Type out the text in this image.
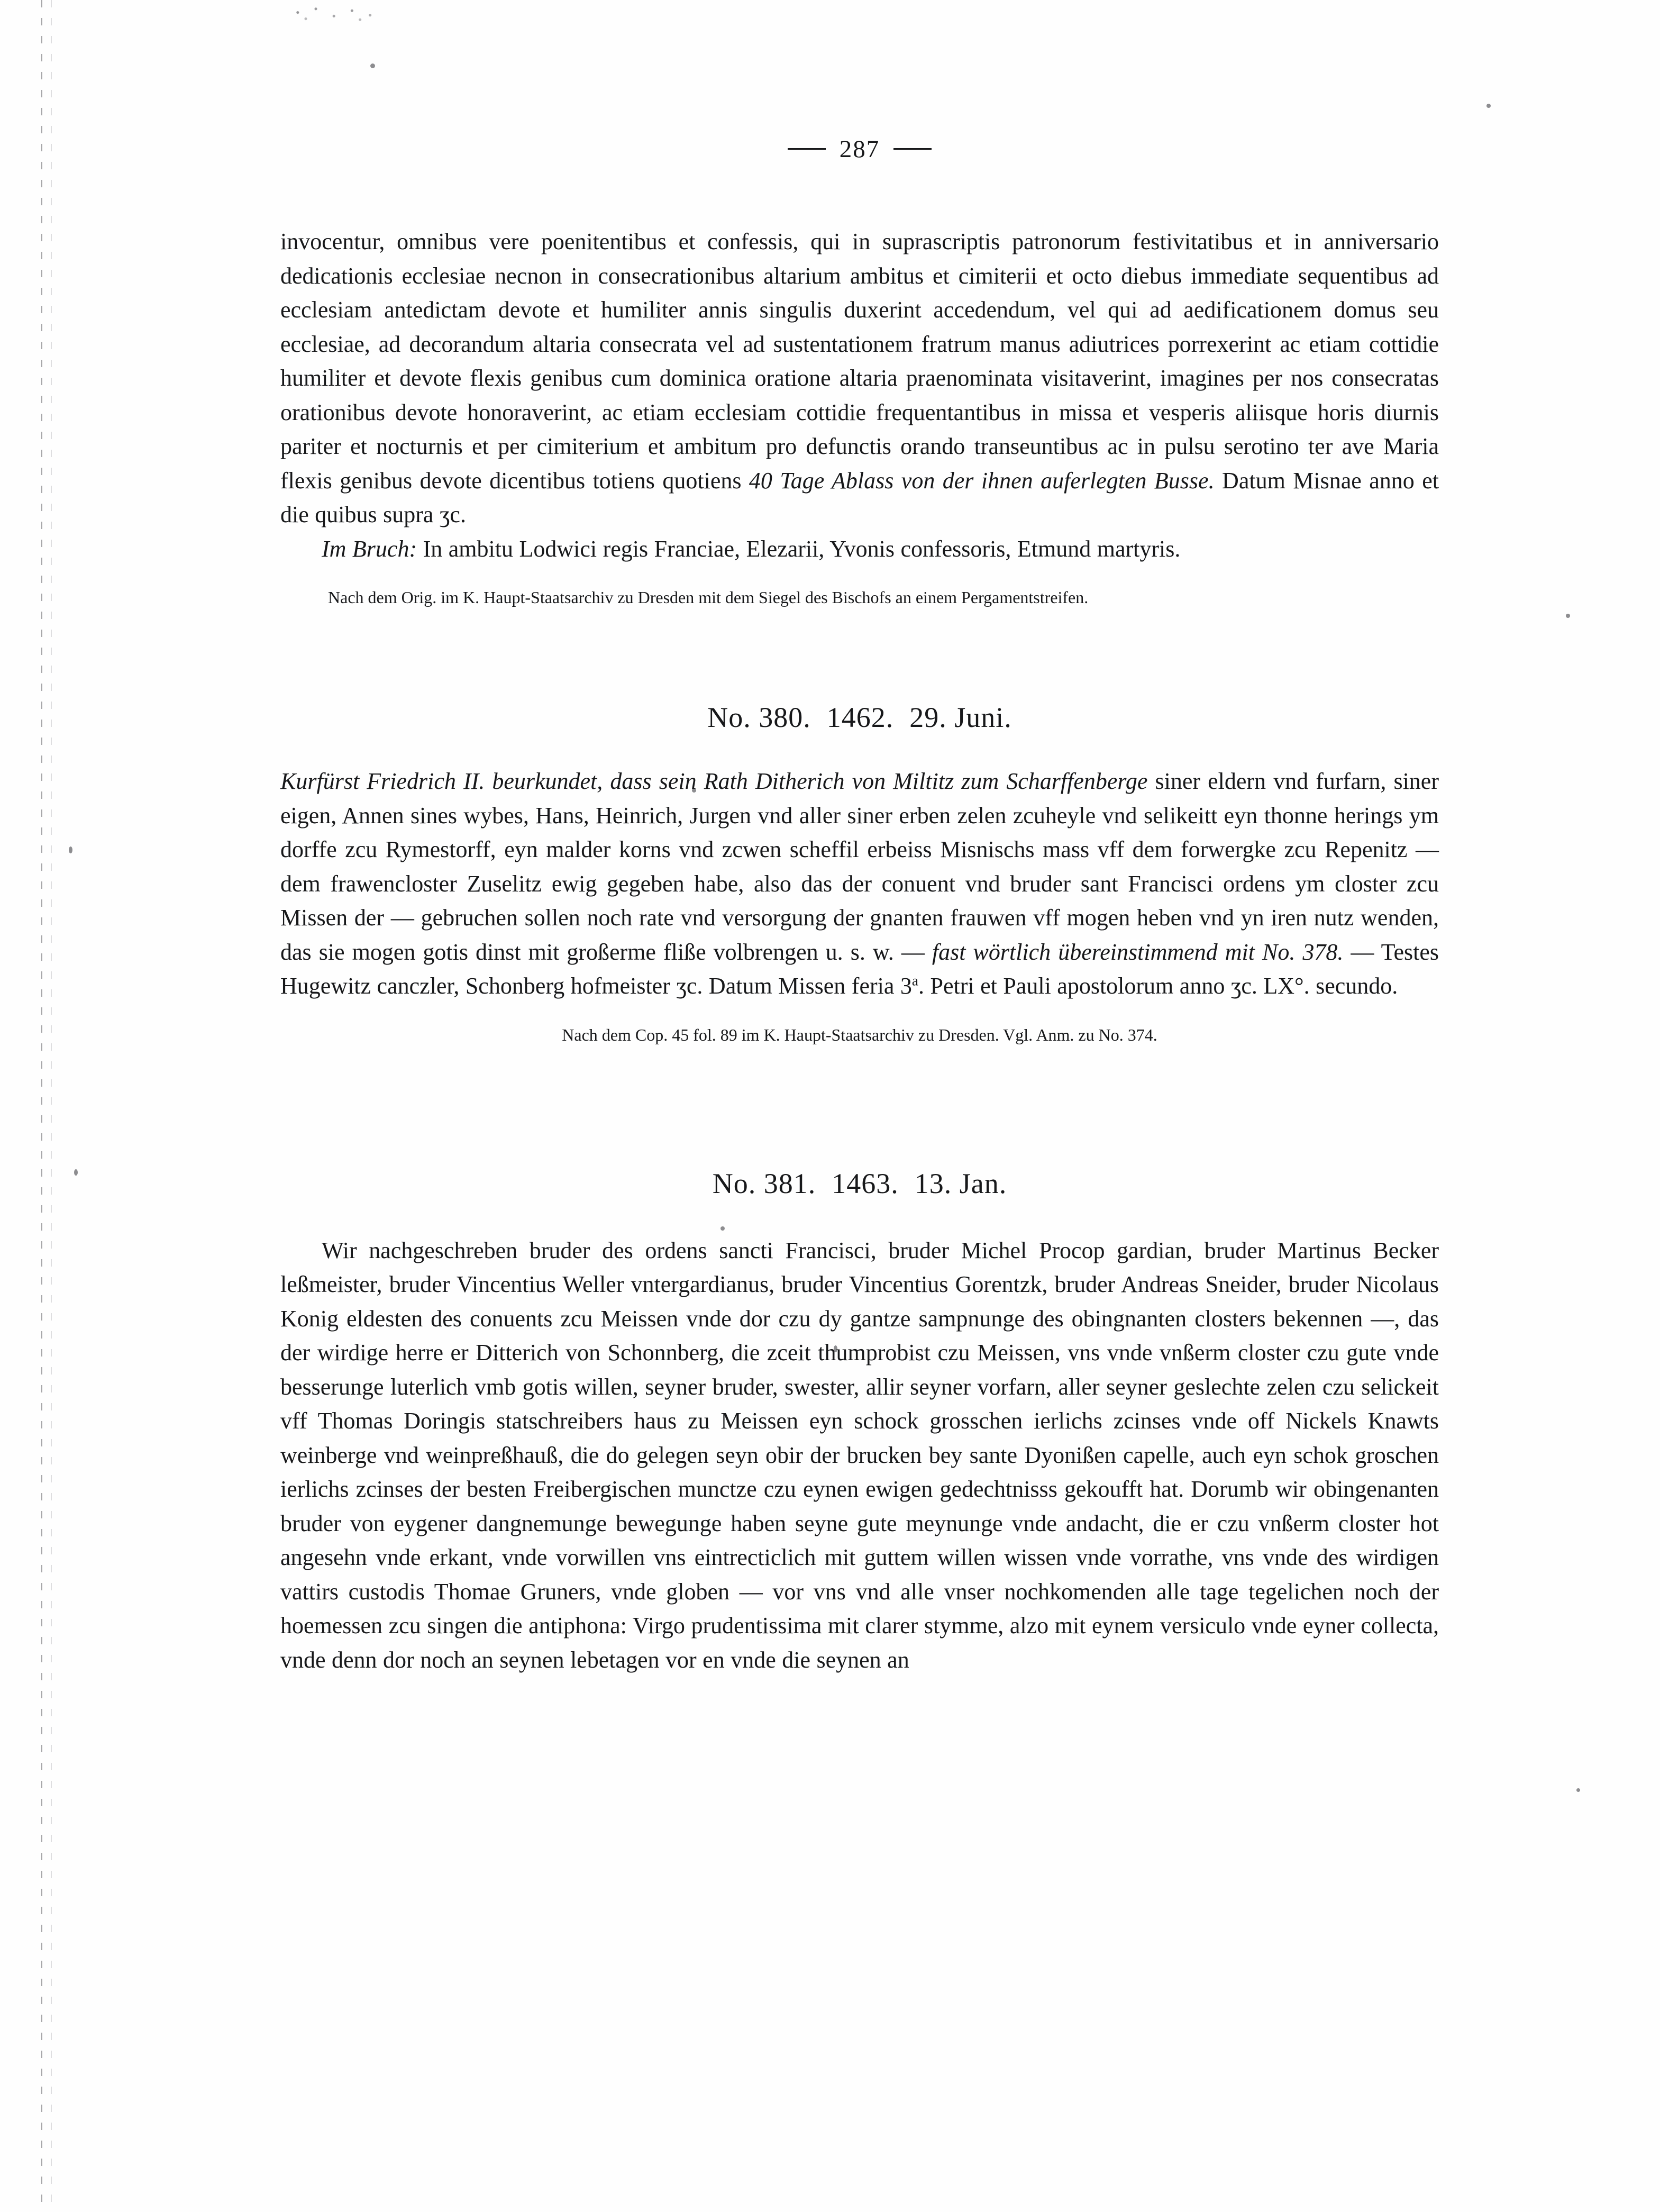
287

invocentur, omnibus vere poenitentibus et confessis, qui in suprascriptis patronorum festivitatibus et in anniversario dedicationis ecclesiae necnon in consecrationibus altarium ambitus et cimiterii et octo diebus immediate sequentibus ad ecclesiam antedictam devote et humiliter annis singulis duxerint accedendum, vel qui ad aedificationem domus seu ecclesiae, ad decorandum altaria consecrata vel ad sustentationem fratrum manus adiutrices porrexerint ac etiam cottidie humiliter et devote flexis genibus cum dominica oratione altaria praenominata visitaverint, imagines per nos consecratas orationibus devote honoraverint, ac etiam ecclesiam cottidie frequentantibus in missa et vesperis aliisque horis diurnis pariter et nocturnis et per cimiterium et ambitum pro defunctis orando transeuntibus ac in pulsu serotino ter ave Maria flexis genibus devote dicentibus totiens quotiens 40 Tage Ablass von der ihnen auferlegten Busse. Datum Misnae anno et die quibus supra ʒc.

Im Bruch: In ambitu Lodwici regis Franciae, Elezarii, Yvonis confessoris, Etmund martyris.

Nach dem Orig. im K. Haupt-Staatsarchiv zu Dresden mit dem Siegel des Bischofs an einem Pergamentstreifen.

No. 380. 1462. 29. Juni.

Kurfürst Friedrich II. beurkundet, dass sein Rath Ditherich von Miltitz zum Scharffenberge siner eldern vnd furfarn, siner eigen, Annen sines wybes, Hans, Heinrich, Jurgen vnd aller siner erben zelen zcuheyle vnd selikeitt eyn thonne herings ym dorffe zcu Rymestorff, eyn malder korns vnd zcwen scheffil erbeiss Misnischs mass vff dem forwergke zcu Repenitz — dem frawencloster Zuselitz ewig gegeben habe, also das der conuent vnd bruder sant Francisci ordens ym closter zcu Missen der — gebruchen sollen noch rate vnd versorgung der gnanten frauwen vff mogen heben vnd yn iren nutz wenden, das sie mogen gotis dinst mit großerme fliße volbrengen u. s. w. — fast wörtlich übereinstimmend mit No. 378. — Testes Hugewitz canczler, Schonberg hofmeister ʒc. Datum Missen feria 3$^a$. Petri et Pauli apostolorum anno ʒc. LX°. secundo.

Nach dem Cop. 45 fol. 89 im K. Haupt-Staatsarchiv zu Dresden. Vgl. Anm. zu No. 374.

No. 381. 1463. 13. Jan.

Wir nachgeschreben bruder des ordens sancti Francisci, bruder Michel Procop gardian, bruder Martinus Becker leßmeister, bruder Vincentius Weller vntergardianus, bruder Vincentius Gorentzk, bruder Andreas Sneider, bruder Nicolaus Konig eldesten des conuents zcu Meissen vnde dor czu dy gantze sampnunge des obingnanten closters bekennen —, das der wirdige herre er Ditterich von Schonnberg, die zceit thumprobist czu Meissen, vns vnde vnßerm closter czu gute vnde besserunge luterlich vmb gotis willen, seyner bruder, swester, allir seyner vorfarn, aller seyner geslechte zelen czu selickeit vff Thomas Doringis statschreibers haus zu Meissen eyn schock grosschen ierlichs zcinses vnde off Nickels Knawts weinberge vnd weinpreßhauß, die do gelegen seyn obir der brucken bey sante Dyonißen capelle, auch eyn schok groschen ierlichs zcinses der besten Freibergischen munctze czu eynen ewigen gedechtnisss gekoufft hat. Dorumb wir obingenanten bruder von eygener dangnemunge bewegunge haben seyne gute meynunge vnde andacht, die er czu vnßerm closter hot angesehn vnde erkant, vnde vorwillen vns eintrecticlich mit guttem willen wissen vnde vorrathe, vns vnde des wirdigen vattirs custodis Thomae Gruners, vnde globen — vor vns vnd alle vnser nochkomenden alle tage tegelichen noch der hoemessen zcu singen die antiphona: Virgo prudentissima mit clarer stymme, alzo mit eynem versiculo vnde eyner collecta, vnde denn dor noch an seynen lebetagen vor en vnde die seynen an
